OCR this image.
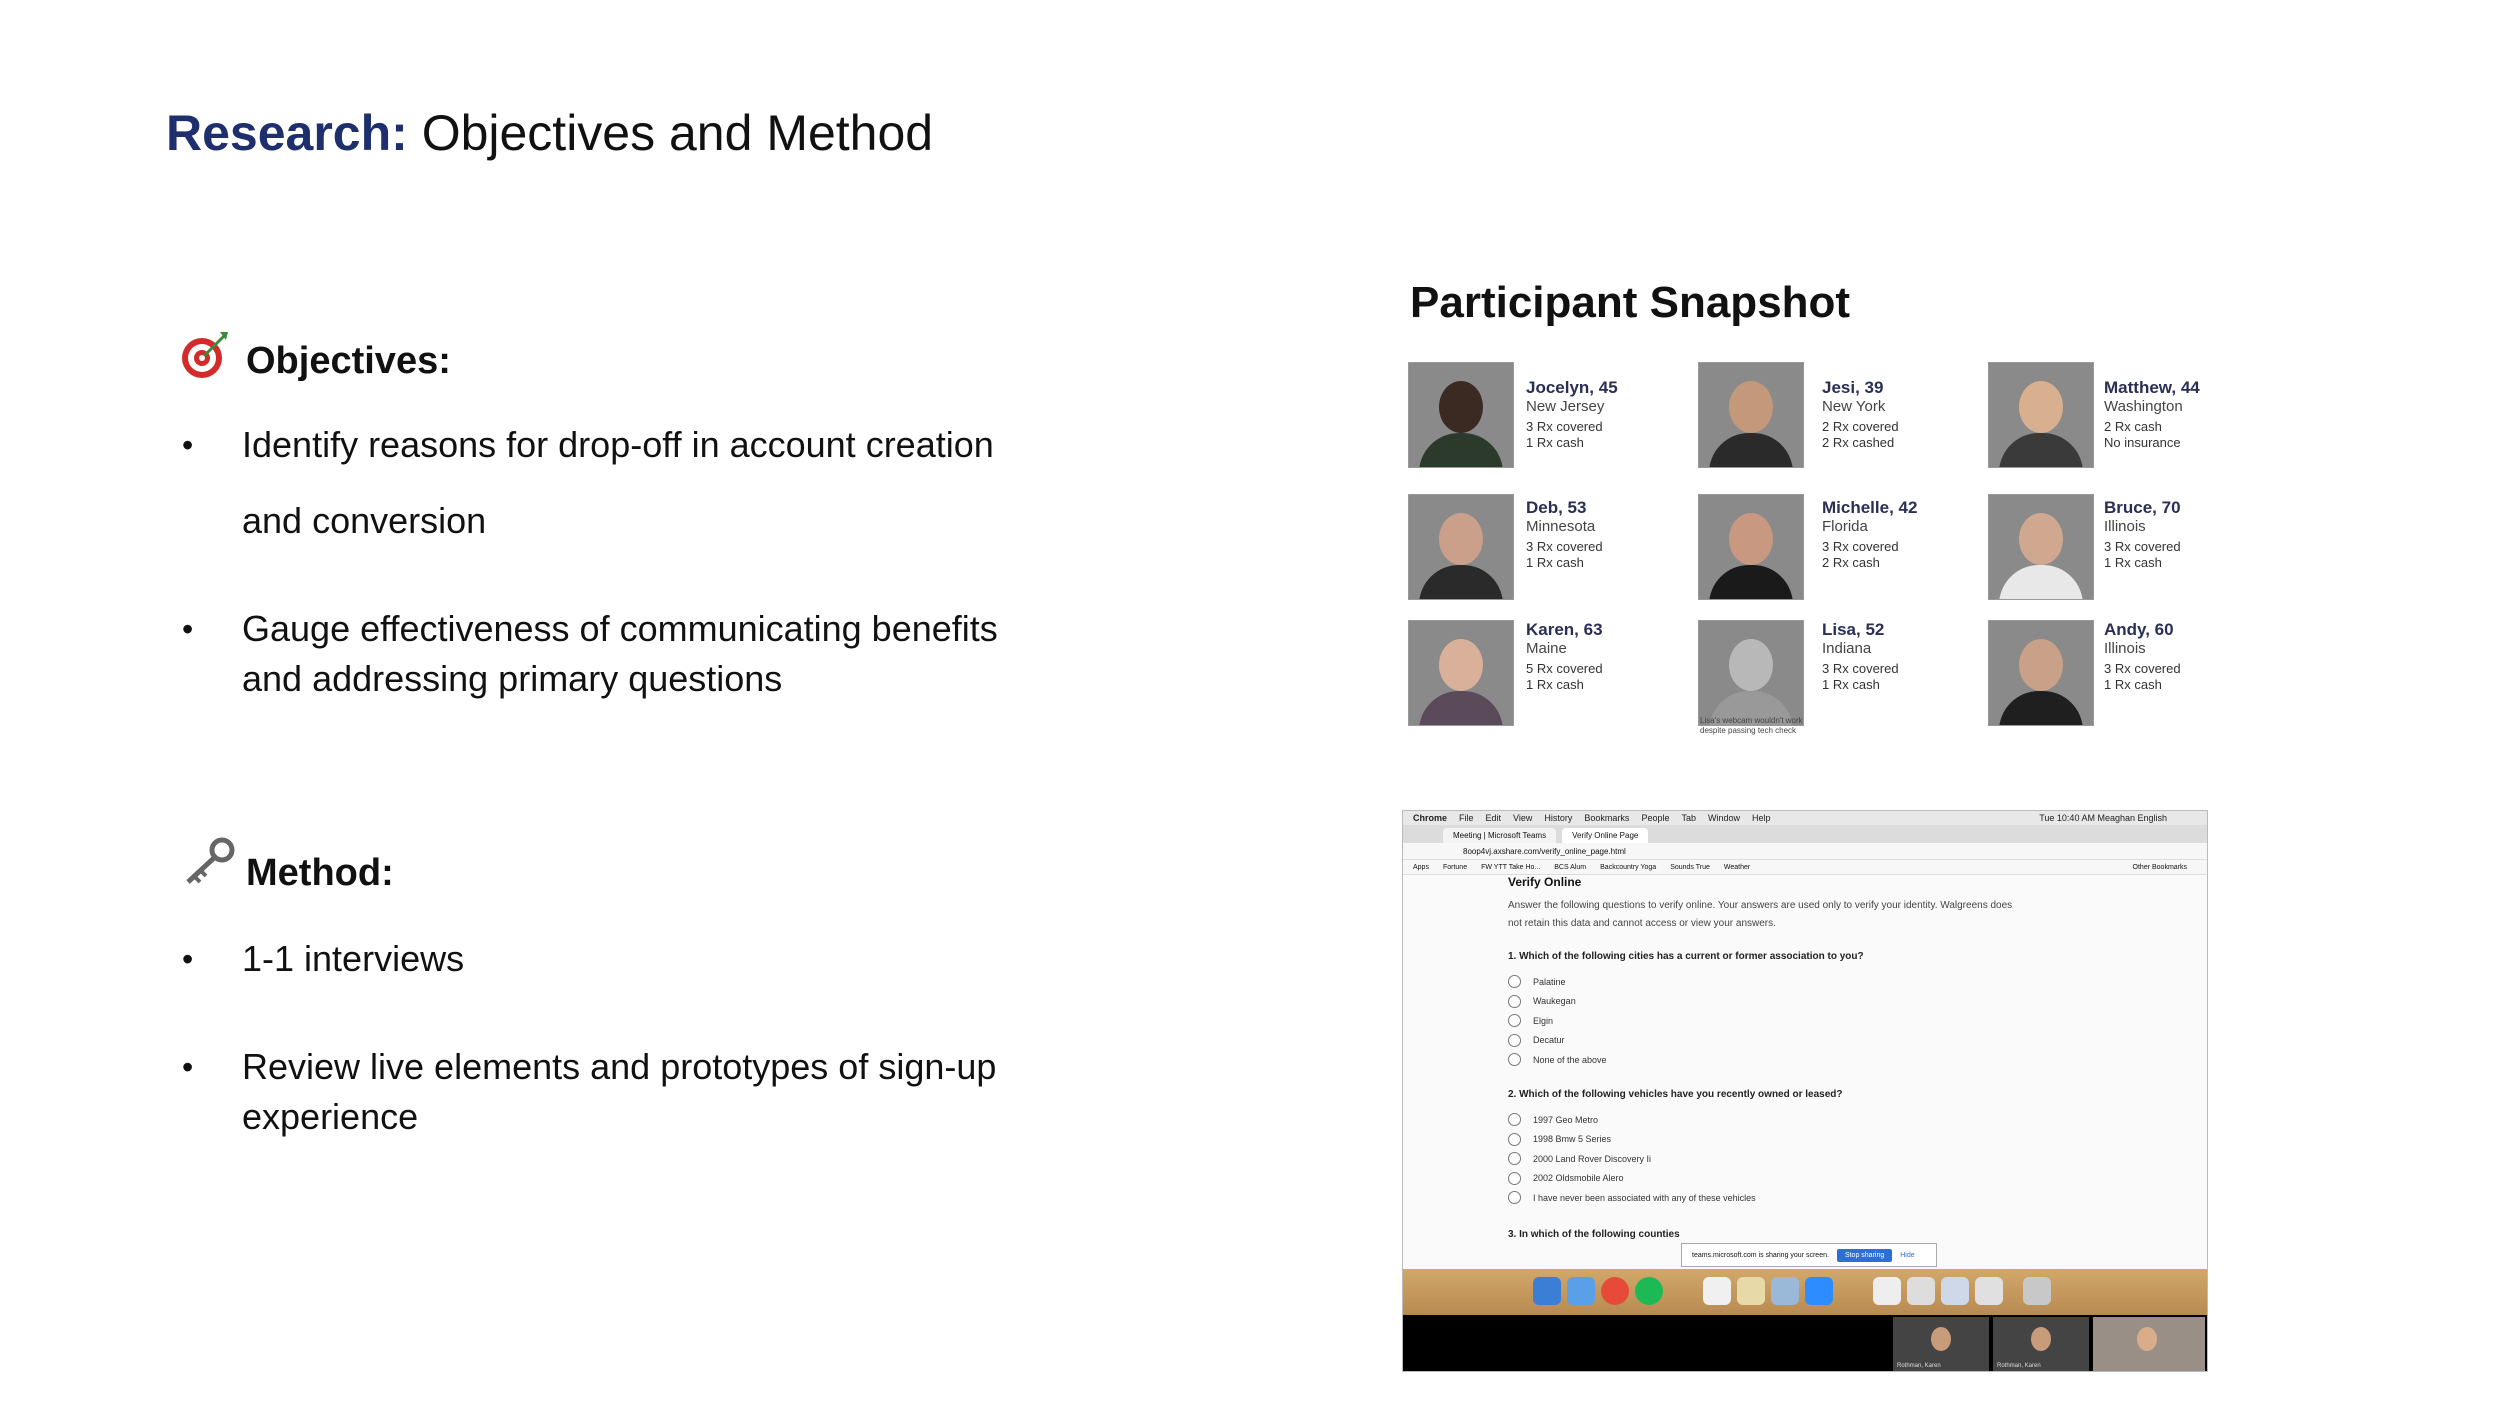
Research: Objectives and Method
Objectives:
• Identify reasons for drop-off in account creation
and conversion
• Gauge effectiveness of communicating benefits
and addressing primary questions
Method:
• 1-1 interviews
• Review live elements and prototypes of sign-up
experience
Participant Snapshot
Jocelyn, 45
New Jersey
3 Rx covered
1 Rx cash
Jesi, 39
New York
2 Rx covered
2 Rx cashed
Matthew, 44
Washington
2 Rx cash
No insurance
Deb, 53
Minnesota
3 Rx covered
1 Rx cash
Michelle, 42
Florida
3 Rx covered
2 Rx cash
Bruce, 70
Illinois
3 Rx covered
1 Rx cash
Karen, 63
Maine
5 Rx covered
1 Rx cash
Lisa, 52
Indiana
3 Rx covered
1 Rx cash
Andy, 60
Illinois
3 Rx covered
1 Rx cash
Lisa's webcam wouldn't work
despite passing tech check
Chrome File Edit View History Bookmarks People Tab Window Help	Tue 10:40 AM Meaghan English
Meeting | Microsoft Teams	Verify Online Page
8oop4vj.axshare.com/verify_online_page.html
Apps Fortune FW YTT Take Ho... BCS Alum Backcountry Yoga Sounds True Weather	Other Bookmarks
Verify Online
Answer the following questions to verify online. Your answers are used only to verify your identity. Walgreens does not retain this data and cannot access or view your answers.
1. Which of the following cities has a current or former association to you?
Palatine
Waukegan
Elgin
Decatur
None of the above
2. Which of the following vehicles have you recently owned or leased?
1997 Geo Metro
1998 Bmw 5 Series
2000 Land Rover Discovery Ii
2002 Oldsmobile Alero
I have never been associated with any of these vehicles
3. In which of the following counties
teams.microsoft.com is sharing your screen.	Stop sharing	Hide
Rothman, Karen	Rothman, Karen
